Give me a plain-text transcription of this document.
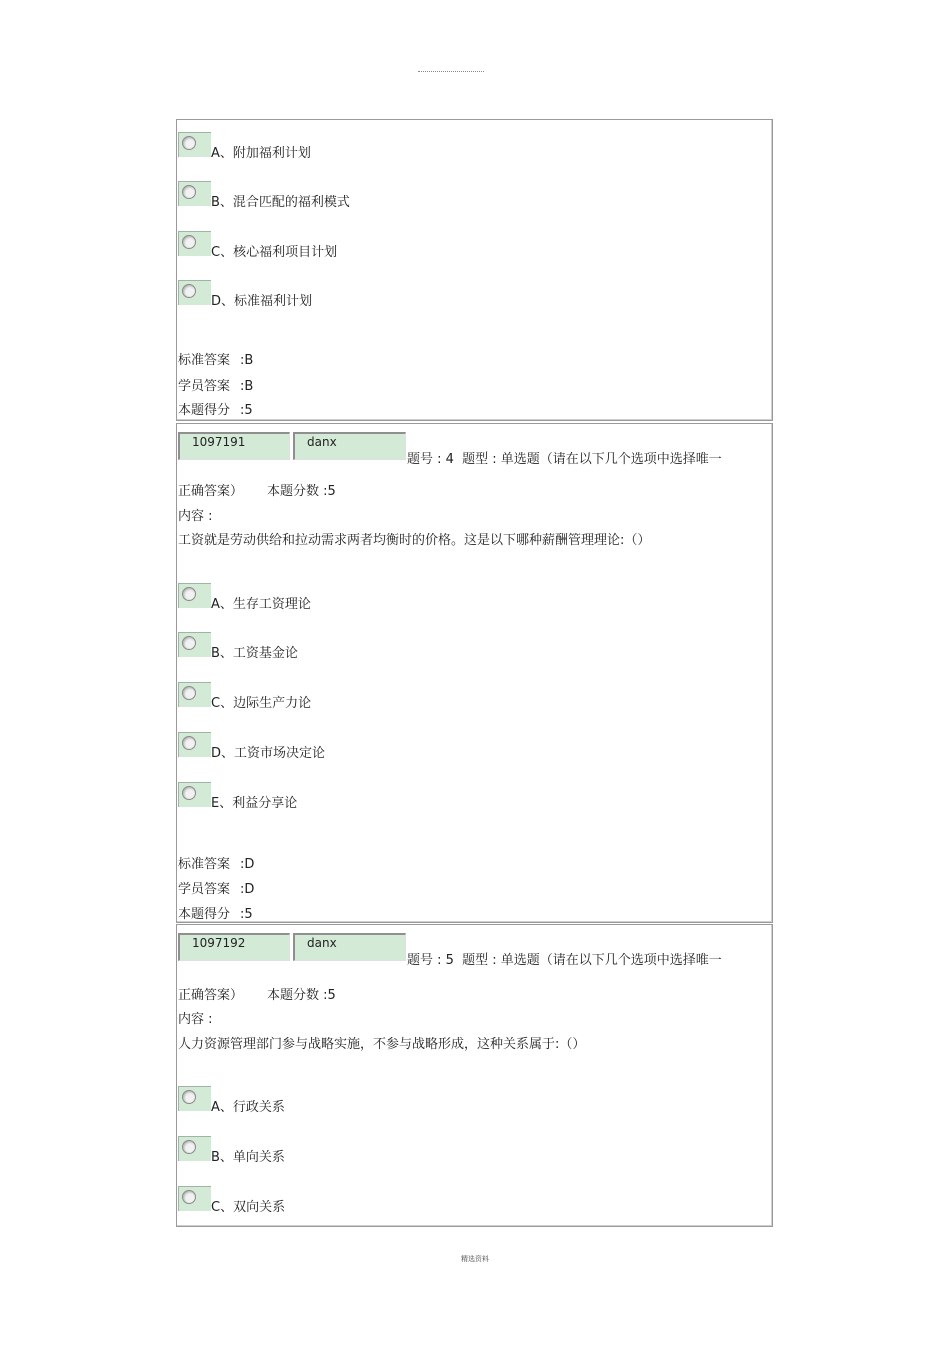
A、附加福利计划
B、混合匹配的福利模式
C、核心福利项目计划
D、标准福利计划
标准答案 :B
学员答案 :B
本题得分 :5
1097191	danx
题号 : 4 题型 : 单选题（请在以下几个选项中选择唯一
正确答案） 本题分数 :5
内容 :
工资就是劳动供给和拉动需求两者均衡时的价格。这是以下哪种薪酬管理理论:（）
A、生存工资理论
B、工资基金论
C、边际生产力论
D、工资市场决定论
E、利益分享论
标准答案 :D
学员答案 :D
本题得分 :5
1097192	danx
题号 : 5 题型 : 单选题（请在以下几个选项中选择唯一
正确答案） 本题分数 :5
内容 :
人力资源管理部门参与战略实施，不参与战略形成，这种关系属于:（）
A、行政关系
B、单向关系
C、双向关系
精选资料
